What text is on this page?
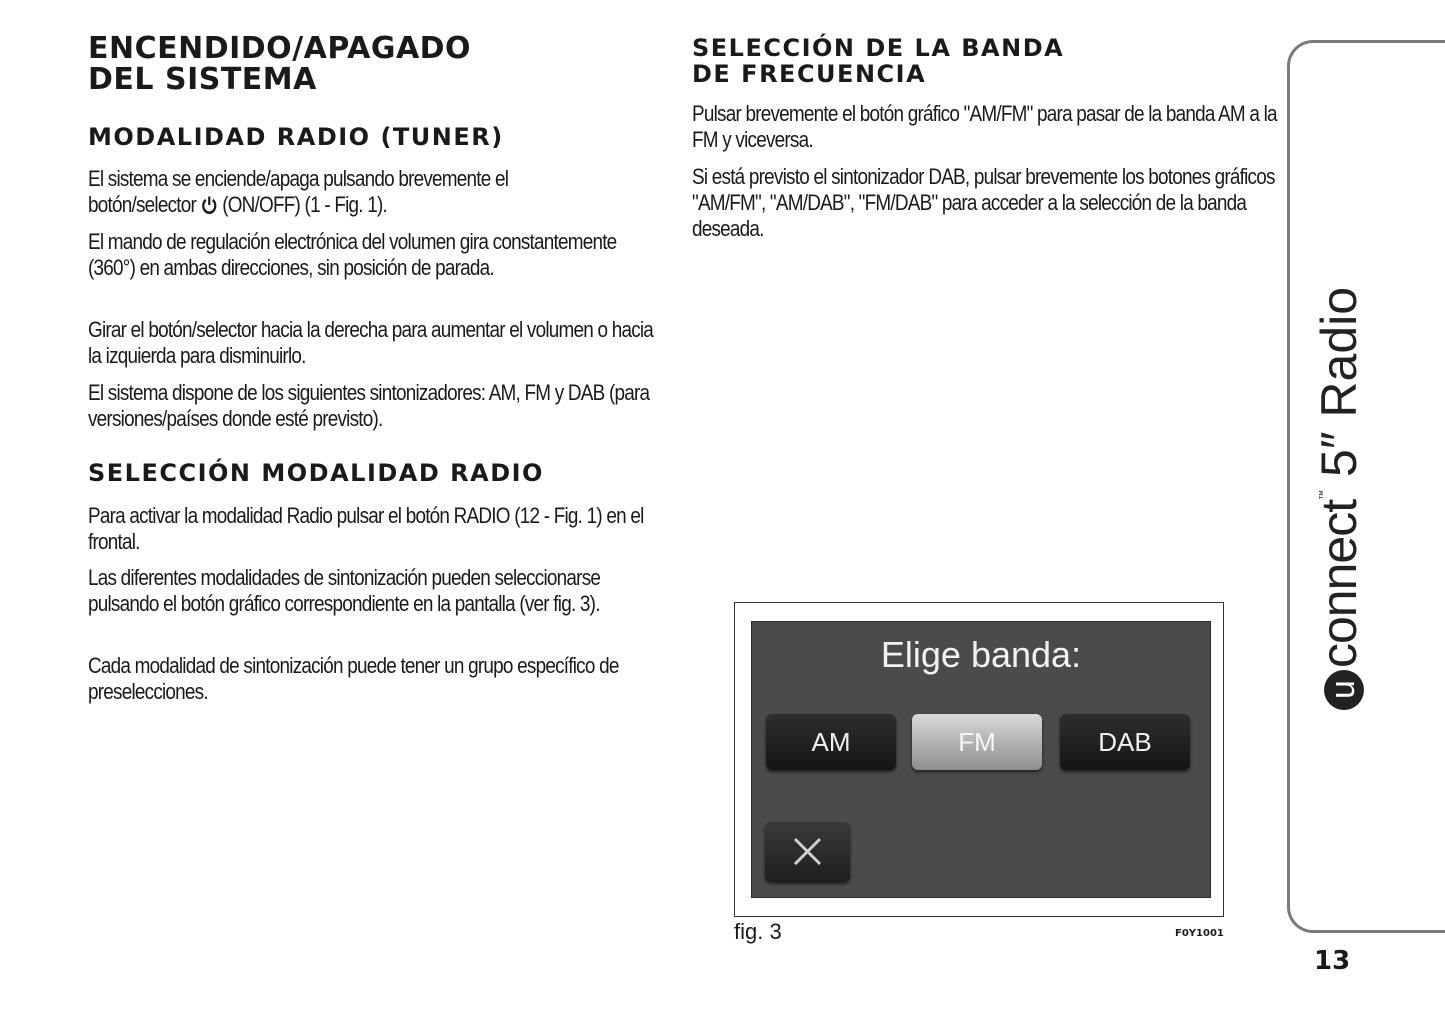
ENCENDIDO/APAGADO
DEL SISTEMA
MODALIDAD RADIO (TUNER)

El sistema se enciende/apaga pulsando brevemente el
botón/selector (ON/OFF) (1 - Fig. 1).

El mando de regulación electrónica del volumen gira constantemente (360°) en ambas direcciones, sin posición de parada.

Girar el botón/selector hacia la derecha para aumentar el volumen o hacia la izquierda para disminuirlo.

El sistema dispone de los siguientes sintonizadores: AM, FM y DAB (para versiones/países donde esté previsto).

SELECCIÓN MODALIDAD RADIO

Para activar la modalidad Radio pulsar el botón RADIO (12 - Fig. 1) en el frontal.

Las diferentes modalidades de sintonización pueden seleccionarse pulsando el botón gráfico correspondiente en la pantalla (ver fig. 3).

Cada modalidad de sintonización puede tener un grupo específico de preselecciones.

SELECCIÓN DE LA BANDA
DE FRECUENCIA

Pulsar brevemente el botón gráfico "AM/FM" para pasar de la banda AM a la FM y viceversa.

Si está previsto el sintonizador DAB, pulsar brevemente los botones gráficos "AM/FM", "AM/DAB", "FM/DAB" para acceder a la selección de la banda deseada.

Elige banda:
AM	FM	DAB
fig. 3	F0Y1001
uconnect™ 5″ Radio
13
